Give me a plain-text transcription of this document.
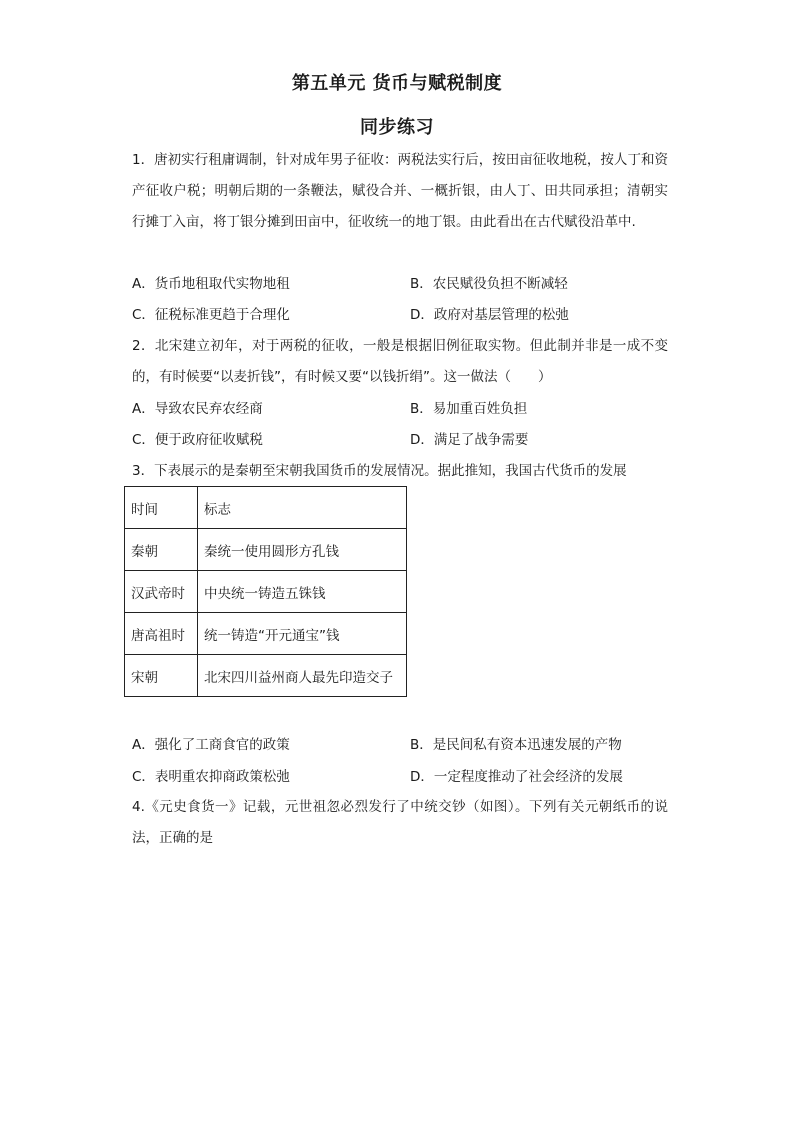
第五单元 货币与赋税制度
同步练习

1．唐初实行租庸调制，针对成年男子征收：两税法实行后，按田亩征收地税，按人丁和资产征收户税；明朝后期的一条鞭法，赋役合并、一概折银，由人丁、田共同承担；清朝实行摊丁入亩，将丁银分摊到田亩中，征收统一的地丁银。由此看出在古代赋役沿革中.

A．货币地租取代实物地租	B．农民赋役负担不断减轻
C．征税标准更趋于合理化	D．政府对基层管理的松弛

2．北宋建立初年，对于两税的征收，一般是根据旧例征取实物。但此制并非是一成不变的，有时候要“以麦折钱”，有时候又要“以钱折绢”。这一做法（　　）

A．导致农民弃农经商	B．易加重百姓负担
C．便于政府征收赋税	D．满足了战争需要
3．下表展示的是秦朝至宋朝我国货币的发展情况。据此推知，我国古代货币的发展
时间	标志
秦朝	秦统一使用圆形方孔钱
汉武帝时	中央统一铸造五铢钱
唐高祖时	统一铸造“开元通宝”钱
宋朝	北宋四川益州商人最先印造交子
A．强化了工商食官的政策	B．是民间私有资本迅速发展的产物
C．表明重农抑商政策松弛	D．一定程度推动了社会经济的发展

4.《元史食货一》记载，元世祖忽必烈发行了中统交钞（如图）。下列有关元朝纸币的说法，正确的是
